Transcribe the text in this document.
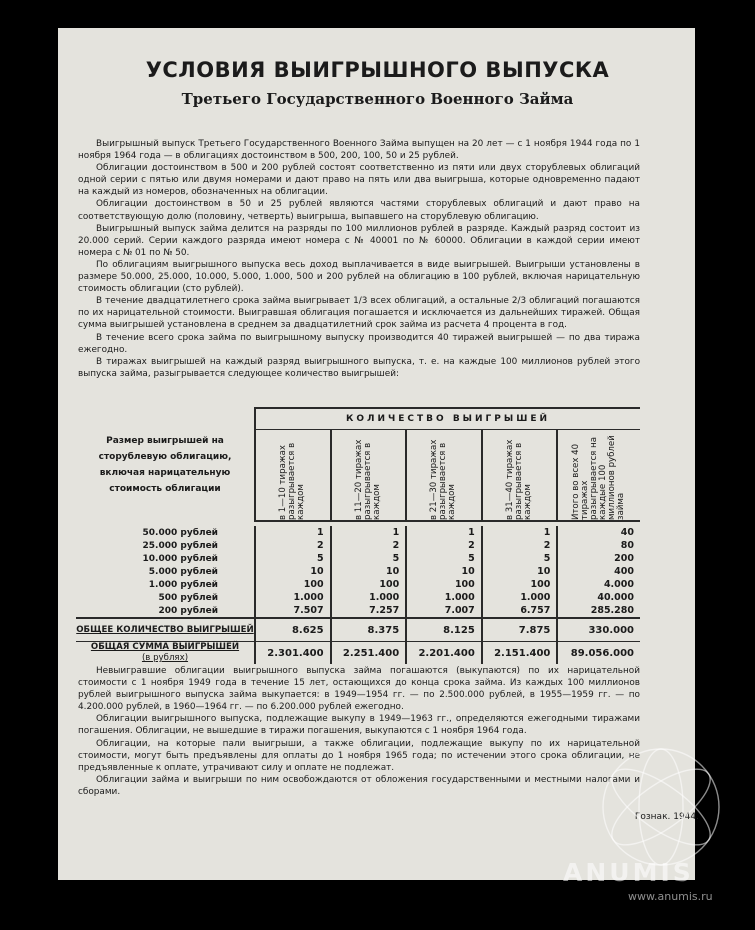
УСЛОВИЯ ВЫИГРЫШНОГО ВЫПУСКА
Третьего Государственного Военного Займа

Выигрышный выпуск Третьего Государственного Военного Займа выпущен на 20 лет — с 1 ноября 1944 года по 1 ноября 1964 года — в облигациях достоинством в 500, 200, 100, 50 и 25 рублей.

Облигации достоинством в 500 и 200 рублей состоят соответственно из пяти или двух сторублевых облигаций одной серии с пятью или двумя номерами и дают право на пять или два выигрыша, которые одновременно падают на каждый из номеров, обозначенных на облигации.

Облигации достоинством в 50 и 25 рублей являются частями сторублевых облигаций и дают право на соответствующую долю (половину, четверть) выигрыша, выпавшего на сторублевую облигацию.

Выигрышный выпуск займа делится на разряды по 100 миллионов рублей в разряде. Каждый разряд состоит из 20.000 серий. Серии каждого разряда имеют номера с № 40001 по № 60000. Облигации в каждой серии имеют номера с № 01 по № 50.

По облигациям выигрышного выпуска весь доход выплачивается в виде выигрышей. Выигрыши установлены в размере 50.000, 25.000, 10.000, 5.000, 1.000, 500 и 200 рублей на облигацию в 100 рублей, включая нарицательную стоимость облигации (сто рублей).

В течение двадцатилетнего срока займа выигрывает 1/3 всех облигаций, а остальные 2/3 облигаций погашаются по их нарицательной стоимости. Выигравшая облигация погашается и исключается из дальнейших тиражей. Общая сумма выигрышей установлена в среднем за двадцатилетний срок займа из расчета 4 процента в год.

В течение всего срока займа по выигрышному выпуску производится 40 тиражей выигрышей — по два тиража ежегодно.

В тиражах выигрышей на каждый разряд выигрышного выпуска, т. е. на каждые 100 миллионов рублей этого выпуска займа, разыгрывается следующее количество выигрышей:

Размер выигрышей на сторублевую облигацию, включая нарицательную стоимость облигации	КОЛИЧЕСТВО ВЫИГРЫШЕЙ				

	в 1—10 тиражах разыгрывается в каждом	в 11—20 тиражах разыгрывается в каждом	в 21—30 тиражах разыгрывается в каждом	в 31—40 тиражах разыгрывается в каждом	Итого во всех 40 тиражах разыгрывается на каждые 100 миллионов рублей займа

50.000 рублей	1	1	1	1	40
25.000 рублей	2	2	2	2	80
10.000 рублей	5	5	5	5	200
5.000 рублей	10	10	10	10	400
1.000 рублей	100	100	100	100	4.000
500 рублей	1.000	1.000	1.000	1.000	40.000
200 рублей	7.507	7.257	7.007	6.757	285.280

ОБЩЕЕ КОЛИЧЕСТВО ВЫИГРЫШЕЙ	8.625	8.375	8.125	7.875	330.000
ОБЩАЯ СУММА ВЫИГРЫШЕЙ
(в рублях)	2.301.400	2.251.400	2.201.400	2.151.400	89.056.000

Невыигравшие облигации выигрышного выпуска займа погашаются (выкупаются) по их нарицательной стоимости с 1 ноября 1949 года в течение 15 лет, остающихся до конца срока займа. Из каждых 100 миллионов рублей выигрышного выпуска займа выкупается: в 1949—1954 гг. — по 2.500.000 рублей, в 1955—1959 гг. — по 4.200.000 рублей, в 1960—1964 гг. — по 6.200.000 рублей ежегодно.

Облигации выигрышного выпуска, подлежащие выкупу в 1949—1963 гг., определяются ежегодными тиражами погашения. Облигации, не вышедшие в тиражи погашения, выкупаются с 1 ноября 1964 года.

Облигации, на которые пали выигрыши, а также облигации, подлежащие выкупу по их нарицательной стоимости, могут быть предъявлены для оплаты до 1 ноября 1965 года; по истечении этого срока облигации, не предъявленные к оплате, утрачивают силу и оплате не подлежат.

Облигации займа и выигрыши по ним освобождаются от обложения государственными и местными налогами и сборами.

Гознак. 1944.
ANUMIS
www.anumis.ru
